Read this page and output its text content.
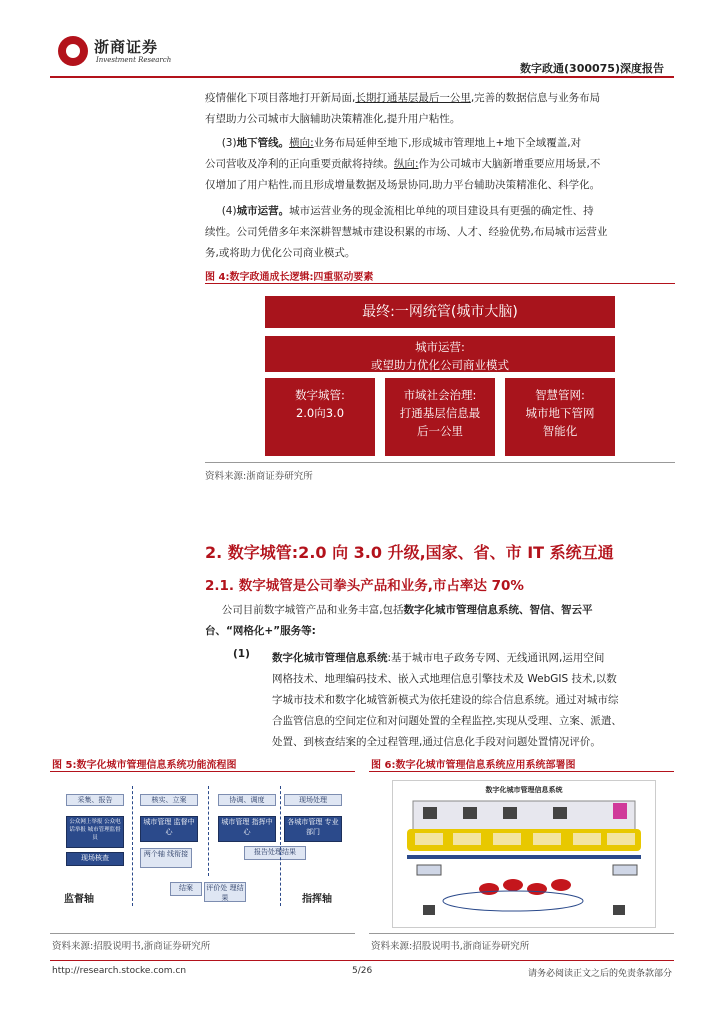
浙商证券
Investment Research
数字政通(300075)深度报告
疫情催化下项目落地打开新局面,长期打通基层最后一公里,完善的数据信息与业务布局
有望助力公司城市大脑辅助决策精准化,提升用户粘性。
(3)地下管线。横向:业务布局延伸至地下,形成城市管理地上+地下全域覆盖,对
公司营收及净利的正向重要贡献将持续。纵向:作为公司城市大脑新增重要应用场景,不
仅增加了用户粘性,而且形成增量数据及场景协同,助力平台辅助决策精准化、科学化。
(4)城市运营。城市运营业务的现金流相比单纯的项目建设具有更强的确定性、持
续性。公司凭借多年来深耕智慧城市建设积累的市场、人才、经验优势,布局城市运营业
务,或将助力优化公司商业模式。
图 4:数字政通成长逻辑:四重驱动要素
最终:一网统管(城市大脑)
城市运营:
或望助力优化公司商业模式
数字城管:
2.0向3.0
市域社会治理:
打通基层信息最
后一公里
智慧管网:
城市地下管网
智能化
资料来源:浙商证券研究所
2. 数字城管:2.0 向 3.0 升级,国家、省、市 IT 系统互通
2.1. 数字城管是公司拳头产品和业务,市占率达 70%
公司目前数字城管产品和业务丰富,包括数字化城市管理信息系统、智信、智云平
台、“网格化+”服务等:
(1) 数字化城市管理信息系统:基于城市电子政务专网、无线通讯网,运用空间
网格技术、地理编码技术、嵌入式地理信息引擎技术及 WebGIS 技术,以数
字城市技术和数字化城管新模式为依托建设的综合信息系统。通过对城市综
合监管信息的空间定位和对问题处置的全程监控,实现从受理、立案、派遣、
处置、到核查结案的全过程管理,通过信息化手段对问题处置情况评价。
图 5:数字化城市管理信息系统功能流程图
采集、报告	核实、立案	协调、调度	现场处理
公众网上举报 公众电话举报 城市管理监督员
城市管理 监督中心
城市管理 指挥中心
各城市管理 专业部门
现场核查	两个轴 线衔接	报告处理结果
结案	评价处 理结果
监督轴	指挥轴
资料来源:招股说明书,浙商证券研究所
图 6:数字化城市管理信息系统应用系统部署图
数字化城市管理信息系统
资料来源:招股说明书,浙商证券研究所
http://research.stocke.com.cn	5/26	请务必阅读正文之后的免责条款部分
